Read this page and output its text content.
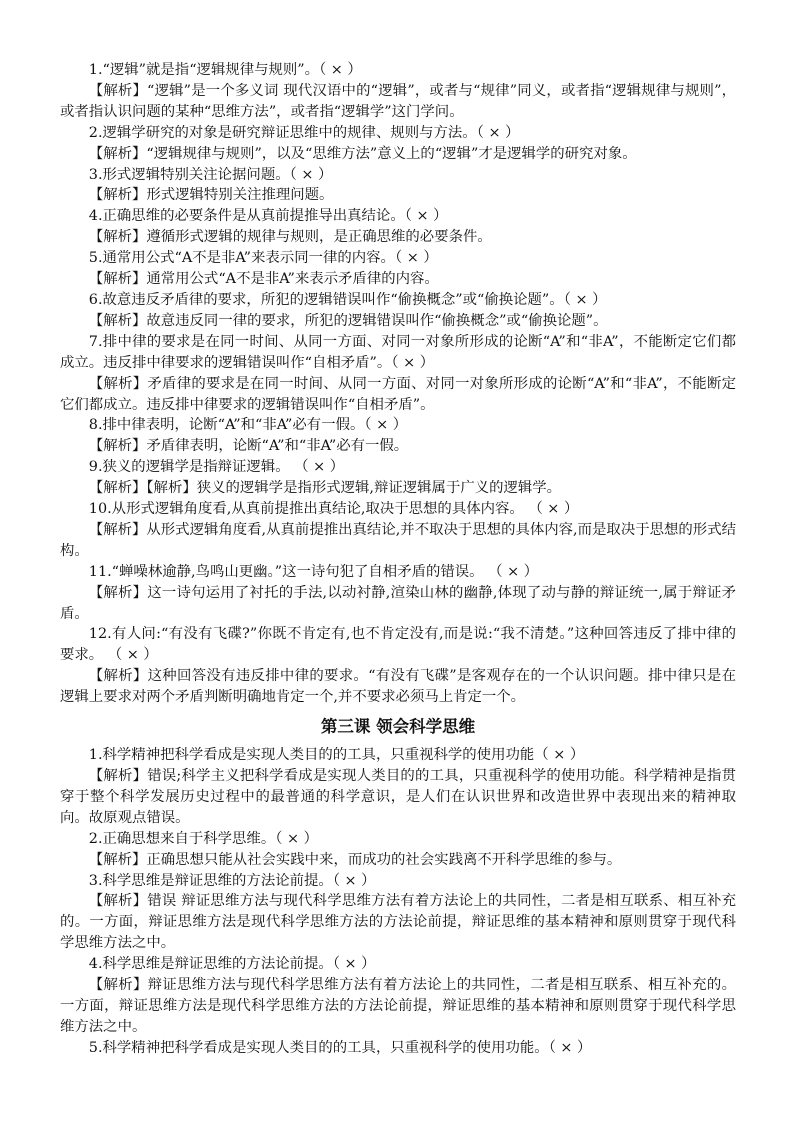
1.“逻辑”就是指“逻辑规律与规则”。（ × ）

【解析】“逻辑”是一个多义词 现代汉语中的“逻辑”，或者与“规律”同义，或者指“逻辑规律与规则”，或者指认识问题的某种“思维方法”，或者指“逻辑学”这门学问。

2.逻辑学研究的对象是研究辩证思维中的规律、规则与方法。（ × ）

【解析】“逻辑规律与规则”，以及“思维方法”意义上的“逻辑”才是逻辑学的研究对象。

3.形式逻辑特别关注论据问题。（ × ）

【解析】形式逻辑特别关注推理问题。

4.正确思维的必要条件是从真前提推导出真结论。（ × ）

【解析】遵循形式逻辑的规律与规则，是正确思维的必要条件。

5.通常用公式“A不是非A”来表示同一律的内容。（ × ）

【解析】通常用公式“A不是非A”来表示矛盾律的内容。

6.故意违反矛盾律的要求，所犯的逻辑错误叫作“偷换概念”或“偷换论题”。（ × ）

【解析】故意违反同一律的要求，所犯的逻辑错误叫作“偷换概念”或“偷换论题”。

7.排中律的要求是在同一时间、从同一方面、对同一对象所形成的论断“A”和“非A”，不能断定它们都成立。违反排中律要求的逻辑错误叫作“自相矛盾”。（ × ）

【解析】矛盾律的要求是在同一时间、从同一方面、对同一对象所形成的论断“A”和“非A”，不能断定它们都成立。违反排中律要求的逻辑错误叫作“自相矛盾”。

8.排中律表明，论断“A”和“非A”必有一假。（ × ）

【解析】矛盾律表明，论断“A”和“非A”必有一假。

9.狭义的逻辑学是指辩证逻辑。 （ × ）

【解析】【解析】狭义的逻辑学是指形式逻辑,辩证逻辑属于广义的逻辑学。

10.从形式逻辑角度看,从真前提推出真结论,取决于思想的具体内容。 （ × ）

【解析】从形式逻辑角度看,从真前提推出真结论,并不取决于思想的具体内容,而是取决于思想的形式结构。

11.“蝉噪林逾静,鸟鸣山更幽。”这一诗句犯了自相矛盾的错误。 （ × ）

【解析】这一诗句运用了衬托的手法,以动衬静,渲染山林的幽静,体现了动与静的辩证统一,属于辩证矛盾。

12.有人问:“有没有飞碟?”你既不肯定有,也不肯定没有,而是说:“我不清楚。”这种回答违反了排中律的要求。 （ × ）

【解析】这种回答没有违反排中律的要求。“有没有飞碟”是客观存在的一个认识问题。排中律只是在逻辑上要求对两个矛盾判断明确地肯定一个,并不要求必须马上肯定一个。

第三课 领会科学思维

1.科学精神把科学看成是实现人类目的的工具，只重视科学的使用功能（ × ）

【解析】错误;科学主义把科学看成是实现人类目的的工具，只重视科学的使用功能。科学精神是指贯穿于整个科学发展历史过程中的最普通的科学意识，是人们在认识世界和改造世界中表现出来的精神取向。故原观点错误。

2.正确思想来自于科学思维。（ × ）

【解析】正确思想只能从社会实践中来，而成功的社会实践离不开科学思维的参与。

3.科学思维是辩证思维的方法论前提。（ × ）

【解析】错误 辩证思维方法与现代科学思维方法有着方法论上的共同性，二者是相互联系、相互补充的。一方面，辩证思维方法是现代科学思维方法的方法论前提，辩证思维的基本精神和原则贯穿于现代科学思维方法之中。

4.科学思维是辩证思维的方法论前提。（ × ）

【解析】辩证思维方法与现代科学思维方法有着方法论上的共同性，二者是相互联系、相互补充的。一方面，辩证思维方法是现代科学思维方法的方法论前提，辩证思维的基本精神和原则贯穿于现代科学思维方法之中。

5.科学精神把科学看成是实现人类目的的工具，只重视科学的使用功能。（ × ）
